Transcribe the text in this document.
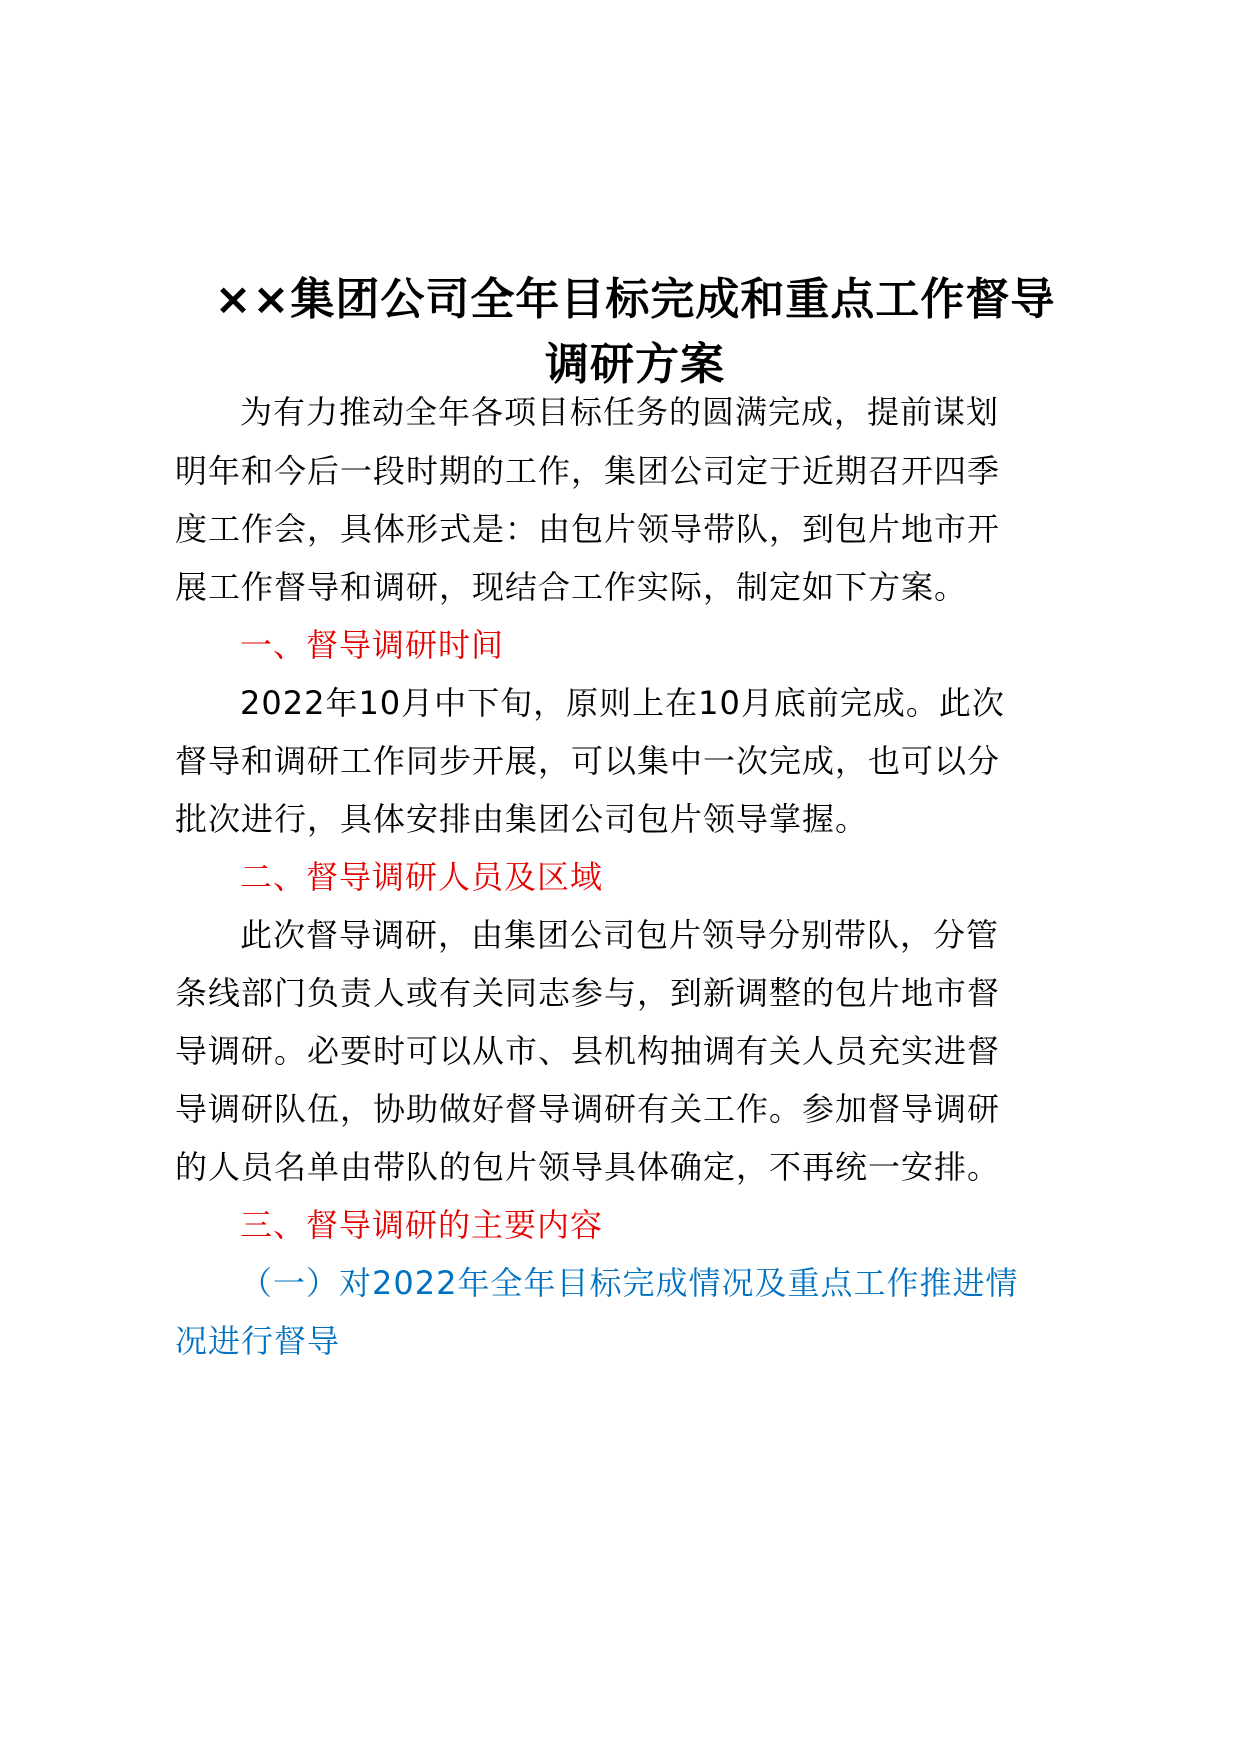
××集团公司全年目标完成和重点工作督导
调研方案

为有力推动全年各项目标任务的圆满完成，提前谋划

明年和今后一段时期的工作，集团公司定于近期召开四季

度工作会，具体形式是：由包片领导带队，到包片地市开

展工作督导和调研，现结合工作实际，制定如下方案。

一、督导调研时间

2022年10月中下旬，原则上在10月底前完成。此次

督导和调研工作同步开展，可以集中一次完成，也可以分

批次进行，具体安排由集团公司包片领导掌握。

二、督导调研人员及区域

此次督导调研，由集团公司包片领导分别带队，分管

条线部门负责人或有关同志参与，到新调整的包片地市督

导调研。必要时可以从市、县机构抽调有关人员充实进督

导调研队伍，协助做好督导调研有关工作。参加督导调研

的人员名单由带队的包片领导具体确定，不再统一安排。

三、督导调研的主要内容

（一）对2022年全年目标完成情况及重点工作推进情

况进行督导
